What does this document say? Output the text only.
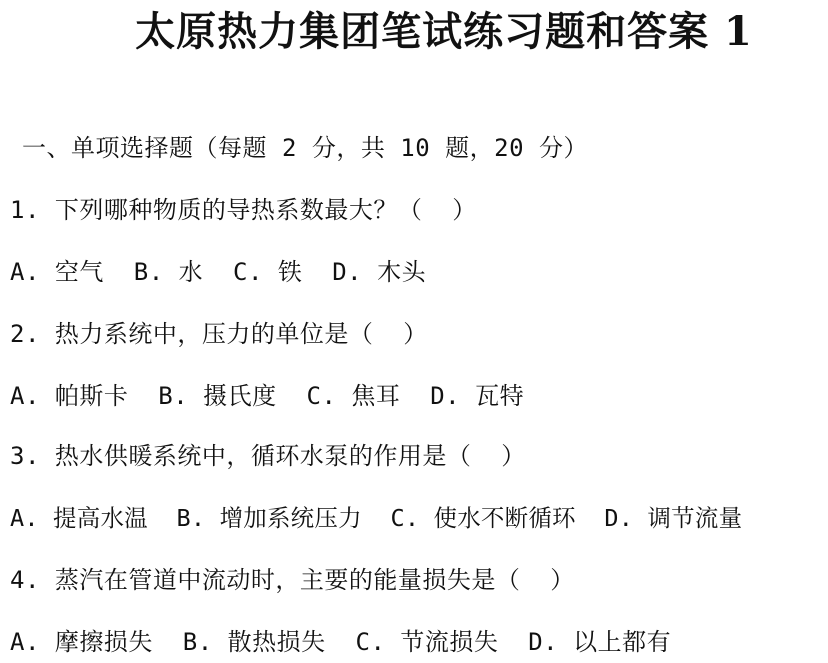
太原热力集团笔试练习题和答案 1
一、单项选择题（每题 2 分，共 10 题，20 分）
1. 下列哪种物质的导热系数最大？（  ）
A. 空气  B. 水  C. 铁  D. 木头
2. 热力系统中，压力的单位是（  ）
A. 帕斯卡  B. 摄氏度  C. 焦耳  D. 瓦特
3. 热水供暖系统中，循环水泵的作用是（  ）
A. 提高水温  B. 增加系统压力  C. 使水不断循环  D. 调节流量
4. 蒸汽在管道中流动时，主要的能量损失是（  ）
A. 摩擦损失  B. 散热损失  C. 节流损失  D. 以上都有
